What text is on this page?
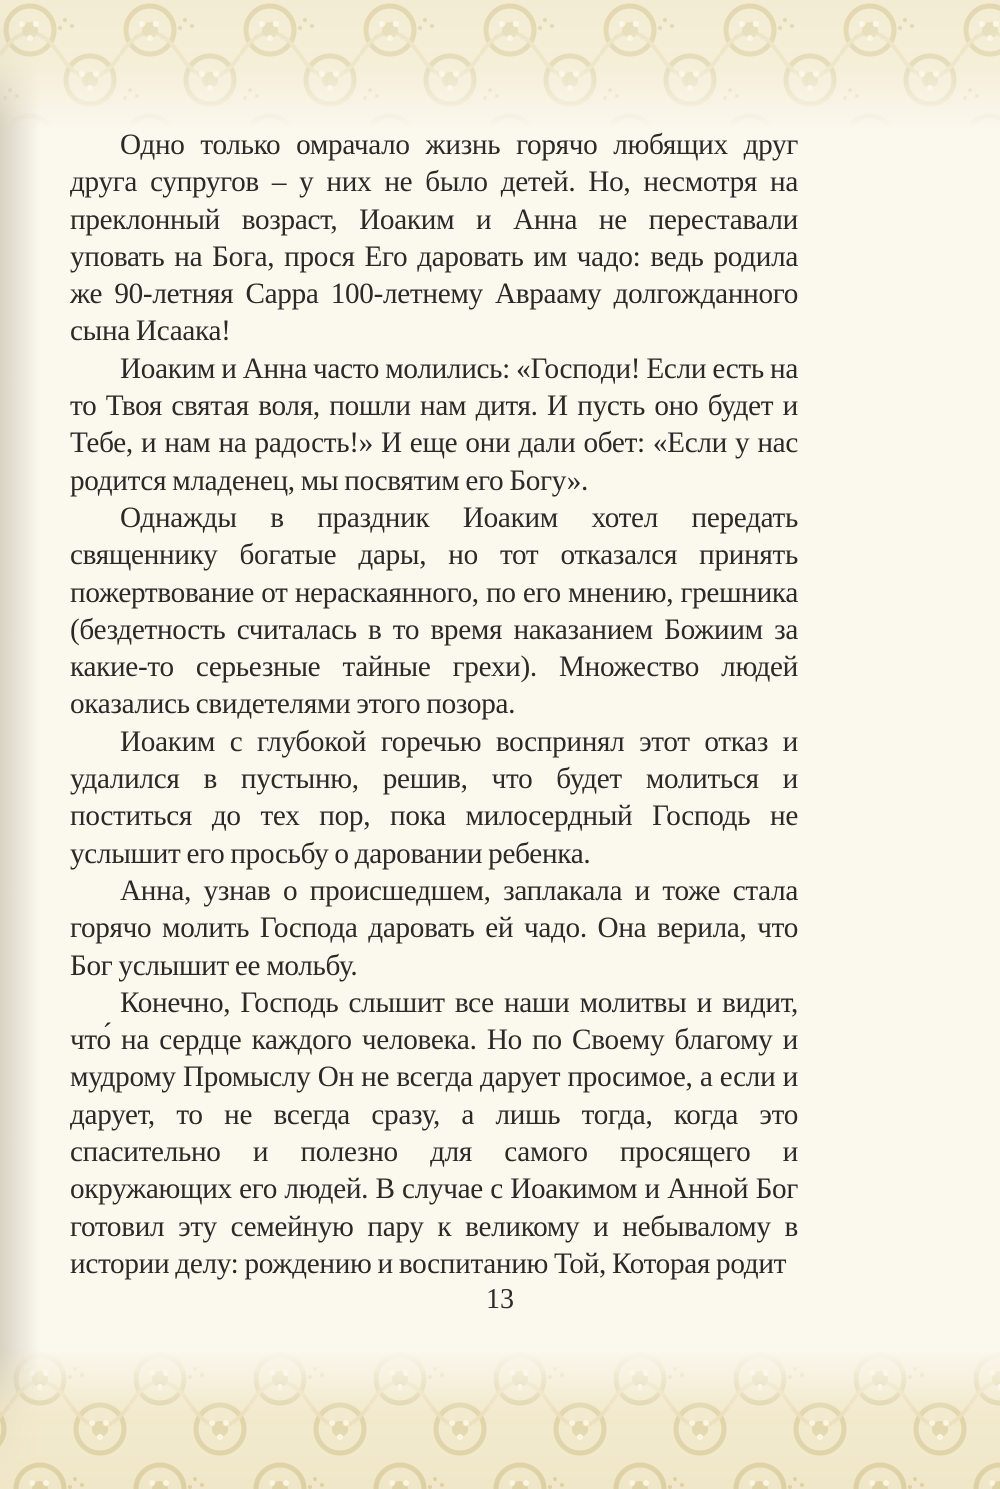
Одно только омрачало жизнь горячо любящих друг друга супругов – у них не было детей. Но, несмотря на преклонный возраст, Иоаким и Анна не переставали уповать на Бога, прося Его даровать им чадо: ведь родила же 90-летняя Сарра 100-летнему Аврааму долгожданного сына Исаака!

Иоаким и Анна часто молились: «Господи! Если есть на то Твоя святая воля, пошли нам дитя. И пусть оно будет и Тебе, и нам на радость!» И еще они дали обет: «Если у нас родится младенец, мы посвятим его Богу».

Однажды в праздник Иоаким хотел передать священнику богатые дары, но тот отказался принять пожертвование от нераскаянного, по его мнению, грешника (бездетность считалась в то время наказанием Божиим за какие-то серьезные тайные грехи). Множество людей оказались свидетелями этого позора.

Иоаким с глубокой горечью воспринял этот отказ и удалился в пустыню, решив, что будет молиться и поститься до тех пор, пока милосердный Господь не услышит его просьбу о даровании ребенка.

Анна, узнав о происшедшем, заплакала и тоже стала горячо молить Господа даровать ей чадо. Она верила, что Бог услышит ее мольбу.

Конечно, Господь слышит все наши молитвы и видит, что́ на сердце каждого человека. Но по Своему благому и мудрому Промыслу Он не всегда дарует просимое, а если и дарует, то не всегда сразу, а лишь тогда, когда это спасительно и полезно для самого просящего и окружающих его людей. В случае с Иоакимом и Анной Бог готовил эту семейную пару к великому и небывалому в истории делу: рождению и воспитанию Той, Которая родит

13
